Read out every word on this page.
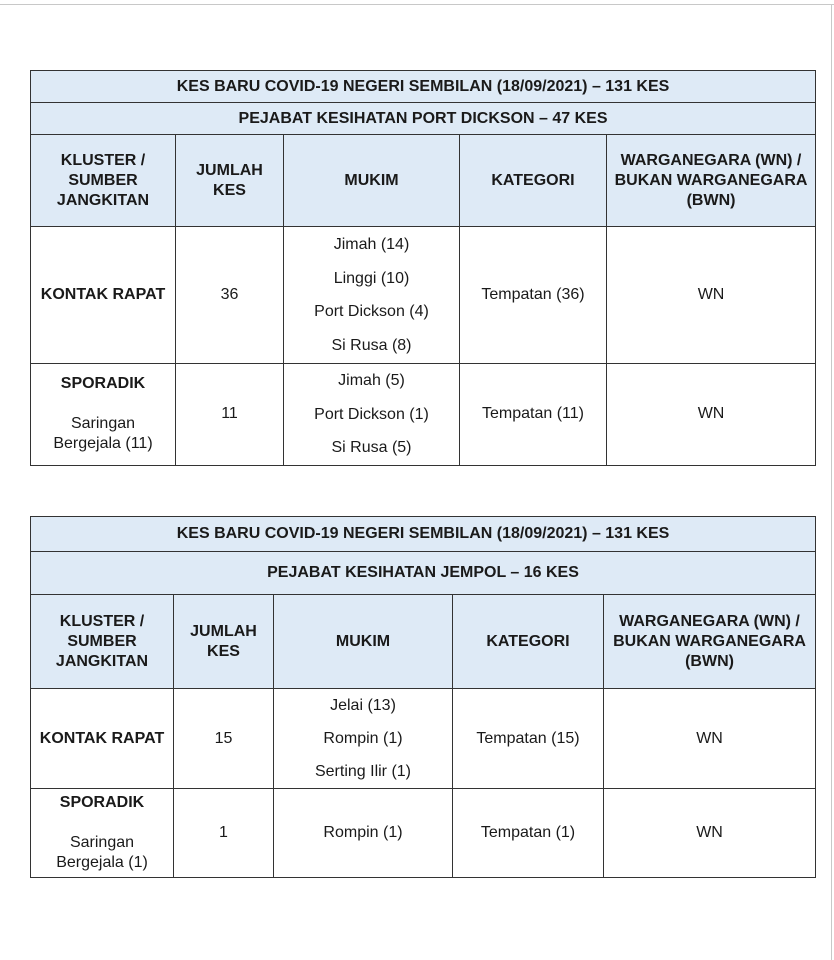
KES BARU COVID-19 NEGERI SEMBILAN (18/09/2021) – 131 KES				
PEJABAT KESIHATAN PORT DICKSON – 47 KES				
KLUSTER / SUMBER JANGKITAN	JUMLAH KES	MUKIM	KATEGORI	WARGANEGARA (WN) / BUKAN WARGANEGARA (BWN)
KONTAK RAPAT	36	Jimah (14)
Linggi (10)
Port Dickson (4)
Si Rusa (8)	Tempatan (36)	WN

SPORADIK
Saringan Bergejala (11)	11	Jimah (5)
Port Dickson (1)
Si Rusa (5)	Tempatan (11)	WN
KES BARU COVID-19 NEGERI SEMBILAN (18/09/2021) – 131 KES				
PEJABAT KESIHATAN JEMPOL – 16 KES				
KLUSTER / SUMBER JANGKITAN	JUMLAH KES	MUKIM	KATEGORI	WARGANEGARA (WN) / BUKAN WARGANEGARA (BWN)
KONTAK RAPAT	15	Jelai (13)
Rompin (1)
Serting Ilir (1)	Tempatan (15)	WN

SPORADIK
Saringan Bergejala (1)	1	Rompin (1)	Tempatan (1)	WN
